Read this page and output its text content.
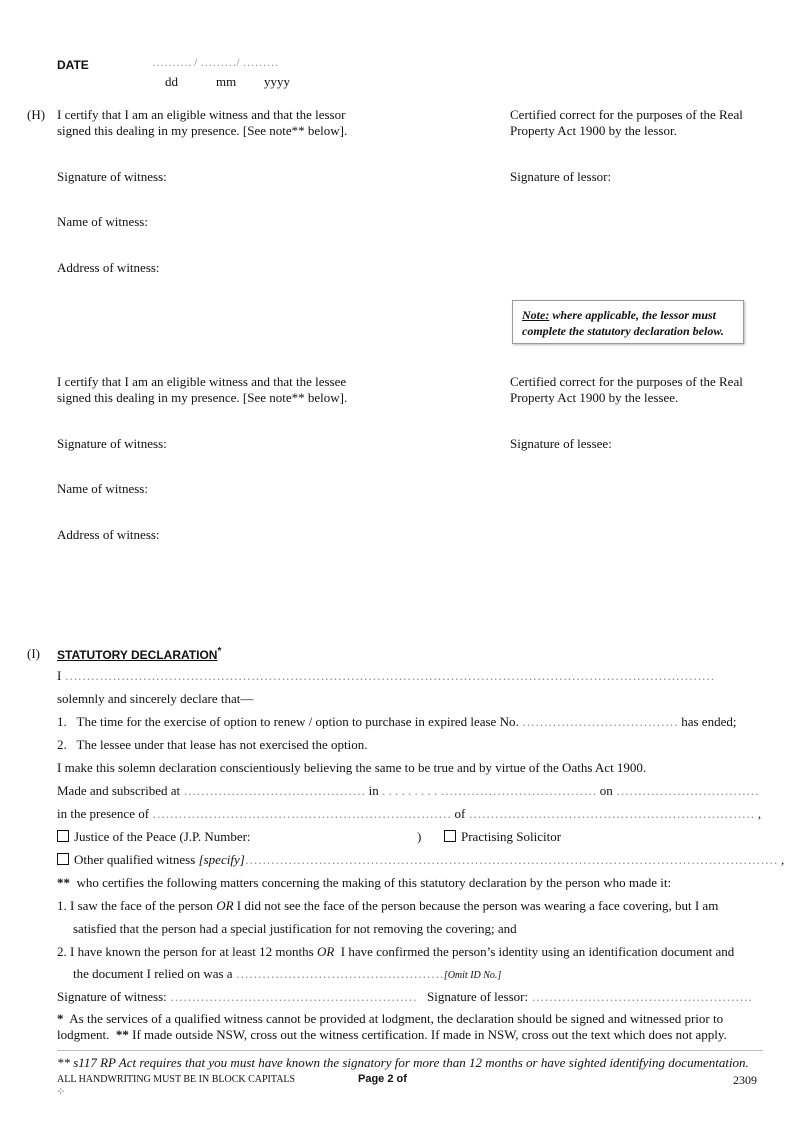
DATE	………. / ………/ ………
dd	mm yyyy
(H) I certify that I am an eligible witness and that the lessor
signed this dealing in my presence. [See note** below].
Certified correct for the purposes of the Real
Property Act 1900 by the lessor.
Signature of witness:	Signature of lessor:
Name of witness:
Address of witness:
Note: where applicable, the lessor must
complete the statutory declaration below.
I certify that I am an eligible witness and that the lessee
signed this dealing in my presence. [See note** below].
Certified correct for the purposes of the Real
Property Act 1900 by the lessee.
Signature of witness:	Signature of lessee:
Name of witness:
Address of witness:
(I) STATUTORY DECLARATION*
I ……………………………………………………………………………………………………………………………………
solemnly and sincerely declare that—
1. The time for the exercise of option to renew / option to purchase in expired lease No. ……………………………… has ended;
2. The lessee under that lease has not exercised the option.
I make this solemn declaration conscientiously believing the same to be true and by virtue of the Oaths Act 1900.
Made and subscribed at …………………………………… in . . . . . . . . . ……………………………… on ……………………………
in the presence of …………………………………………………………… of ………………………………………………………… ,
Justice of the Peace (J.P. Number:	)	Practising Solicitor
Other qualified witness [specify]…………………………………………………………………………………………………………… ,
** who certifies the following matters concerning the making of this statutory declaration by the person who made it:
1. I saw the face of the person OR I did not see the face of the person because the person was wearing a face covering, but I am
satisfied that the person had a special justification for not removing the covering; and
2. I have known the person for at least 12 months OR I have confirmed the person’s identity using an identification document and
the document I relied on was a …………………………………………[Omit ID No.]
Signature of witness: ………………………………………………… Signature of lessor: ……………………………………………
* As the services of a qualified witness cannot be provided at lodgment, the declaration should be signed and witnessed prior to
lodgment. ** If made outside NSW, cross out the witness certification. If made in NSW, cross out the text which does not apply.
** s117 RP Act requires that you must have known the signatory for more than 12 months or have sighted identifying documentation.
ALL HANDWRITING MUST BE IN BLOCK CAPITALS	Page 2 of	2309
⊹
